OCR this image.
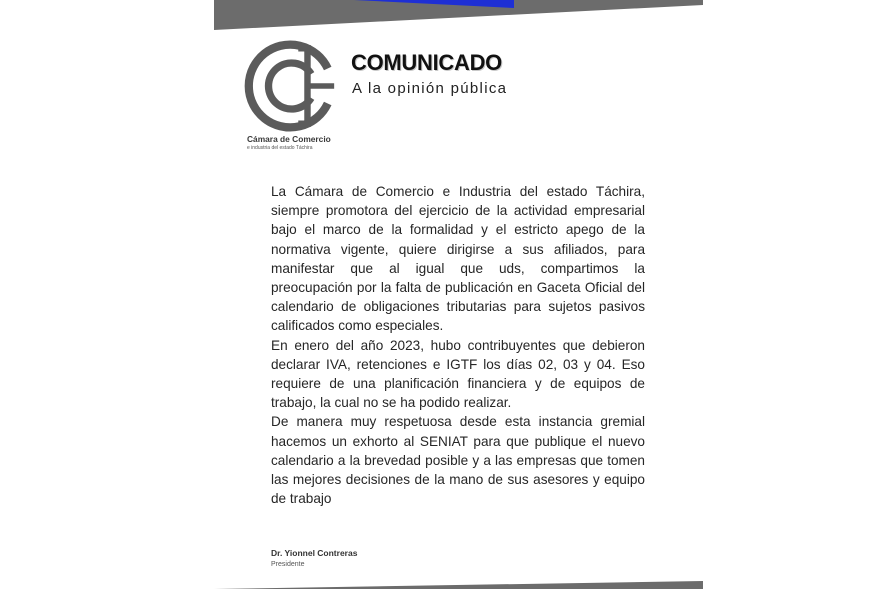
Cámara de Comercio
e industria del estado Táchira
COMUNICADO
A la opinión pública

La Cámara de Comercio e Industria del estado Táchira, siempre promotora del ejercicio de la actividad empresarial bajo el marco de la formalidad y el estricto apego de la normativa vigente, quiere dirigirse a sus afiliados, para manifestar que al igual que uds, compartimos la preocupación por la falta de publicación en Gaceta Oficial del calendario de obligaciones tributarias para sujetos pasivos calificados como especiales.

En enero del año 2023, hubo contribuyentes que debieron declarar IVA, retenciones e IGTF los días 02, 03 y 04. Eso requiere de una planificación financiera y de equipos de trabajo, la cual no se ha podido realizar.

De manera muy respetuosa desde esta instancia gremial hacemos un exhorto al SENIAT para que publique el nuevo calendario a la brevedad posible y a las empresas que tomen las mejores decisiones de la mano de sus asesores y equipo de trabajo

Dr. Yionnel Contreras
Presidente
